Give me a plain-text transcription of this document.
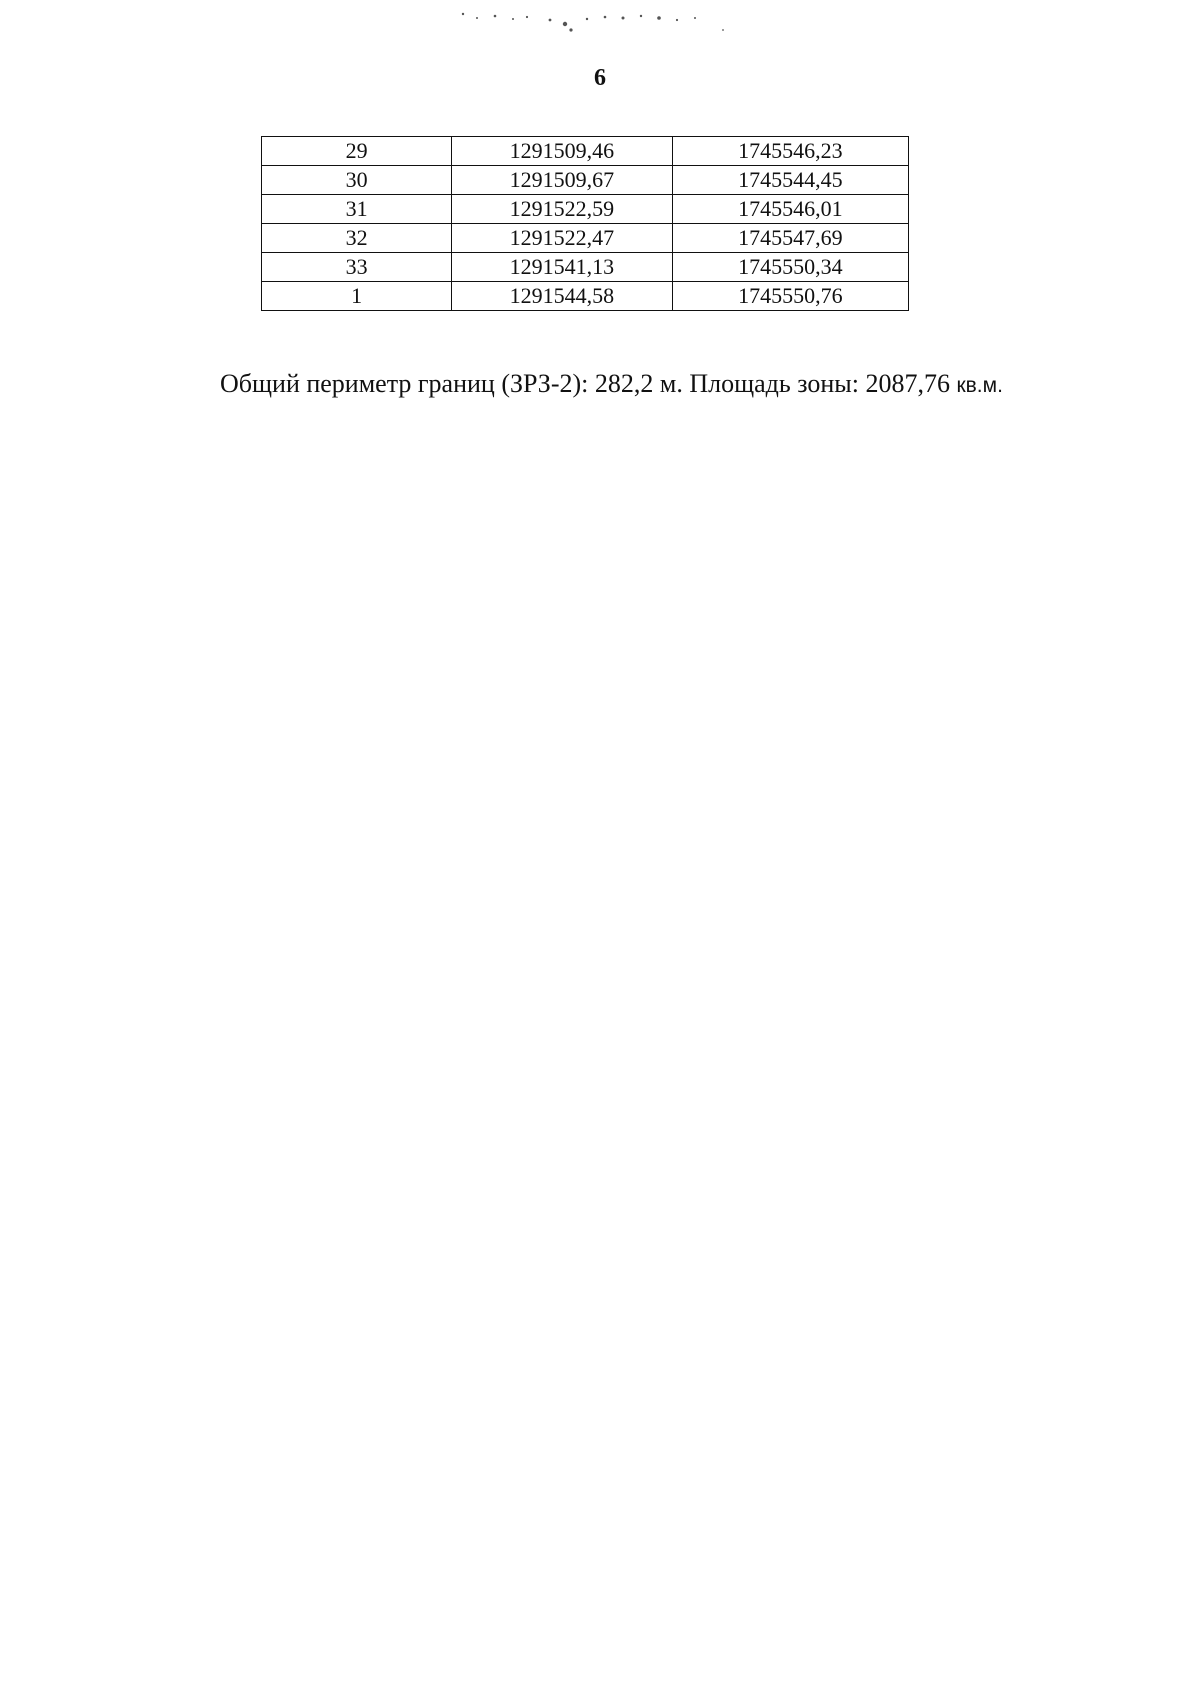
6
29	1291509,46	1745546,23
30	1291509,67	1745544,45
31	1291522,59	1745546,01
32	1291522,47	1745547,69
33	1291541,13	1745550,34
1	1291544,58	1745550,76

Общий периметр границ (ЗРЗ-2): 282,2 м. Площадь зоны: 2087,76 кв.м.
